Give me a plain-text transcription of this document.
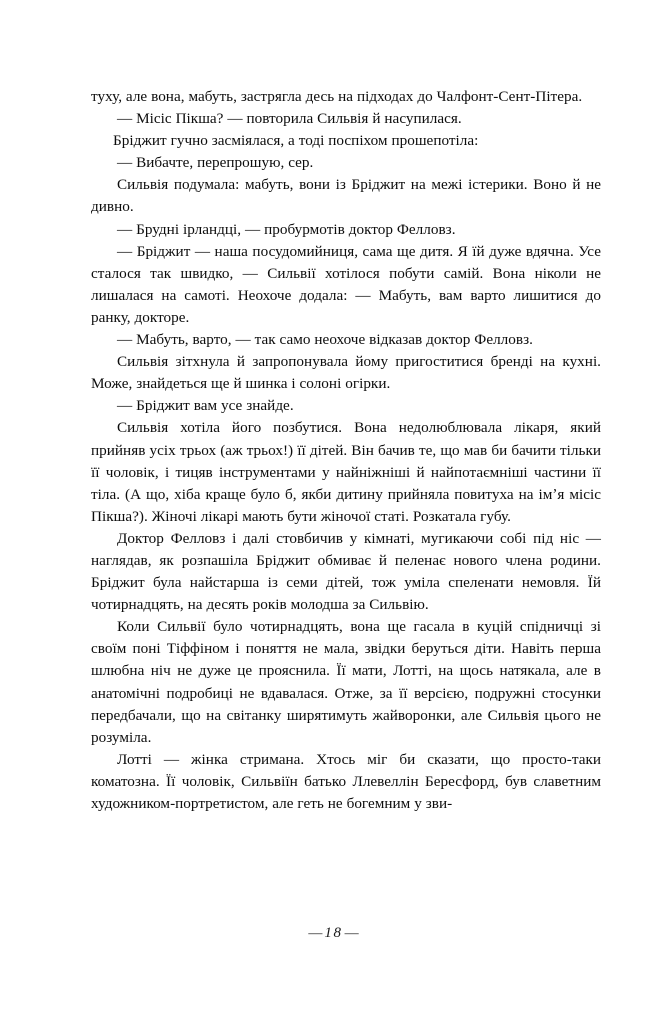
туху, але вона, мабуть, застрягла десь на підходах до Чалфонт-Сент-Пітера.

— Місіс Пікша? — повторила Сильвія й насупилася.

Бріджит гучно засміялася, а тоді поспіхом прошепотіла:

— Вибачте, перепрошую, сер.

Сильвія подумала: мабуть, вони із Бріджит на межі істерики. Воно й не дивно.

— Брудні ірландці, — пробурмотів доктор Фелловз.

— Бріджит — наша посудомийниця, сама ще дитя. Я їй дуже вдячна. Усе сталося так швидко, — Сильвії хотілося побути самій. Вона ніколи не лишалася на самоті. Неохоче додала: — Мабуть, вам варто лишитися до ранку, докторе.

— Мабуть, варто, — так само неохоче відказав доктор Фелловз.

Сильвія зітхнула й запропонувала йому пригоститися бренді на кухні. Може, знайдеться ще й шинка і солоні огірки.

— Бріджит вам усе знайде.

Сильвія хотіла його позбутися. Вона недолюблювала лікаря, який прийняв усіх трьох (аж трьох!) її дітей. Він бачив те, що мав би бачити тільки її чоловік, і тицяв інструментами у найніжніші й найпотаємніші частини її тіла. (А що, хіба краще було б, якби дитину прийняла повитуха на імʼя місіс Пікша?). Жіночі лікарі мають бути жіночої статі. Розкатала губу.

Доктор Фелловз і далі стовбичив у кімнаті, мугикаючи собі під ніс — наглядав, як розпашіла Бріджит обмиває й пеленає нового члена родини. Бріджит була найстарша із семи дітей, тож уміла спеленати немовля. Їй чотирнадцять, на десять років молодша за Сильвію.

Коли Сильвії було чотирнадцять, вона ще гасала в куцій спідничці зі своїм поні Тіффіном і поняття не мала, звідки беруться діти. Навіть перша шлюбна ніч не дуже це прояснила. Її мати, Лотті, на щось натякала, але в анатомічні подробиці не вдавалася. Отже, за її версією, подружні стосунки передбачали, що на світанку ширятимуть жайворонки, але Сильвія цього не розуміла.

Лотті — жінка стримана. Хтось міг би сказати, що просто-таки коматозна. Її чоловік, Сильвіїн батько Ллевеллін Бересфорд, був славетним художником-портретистом, але геть не богемним у зви-

— 18 —
